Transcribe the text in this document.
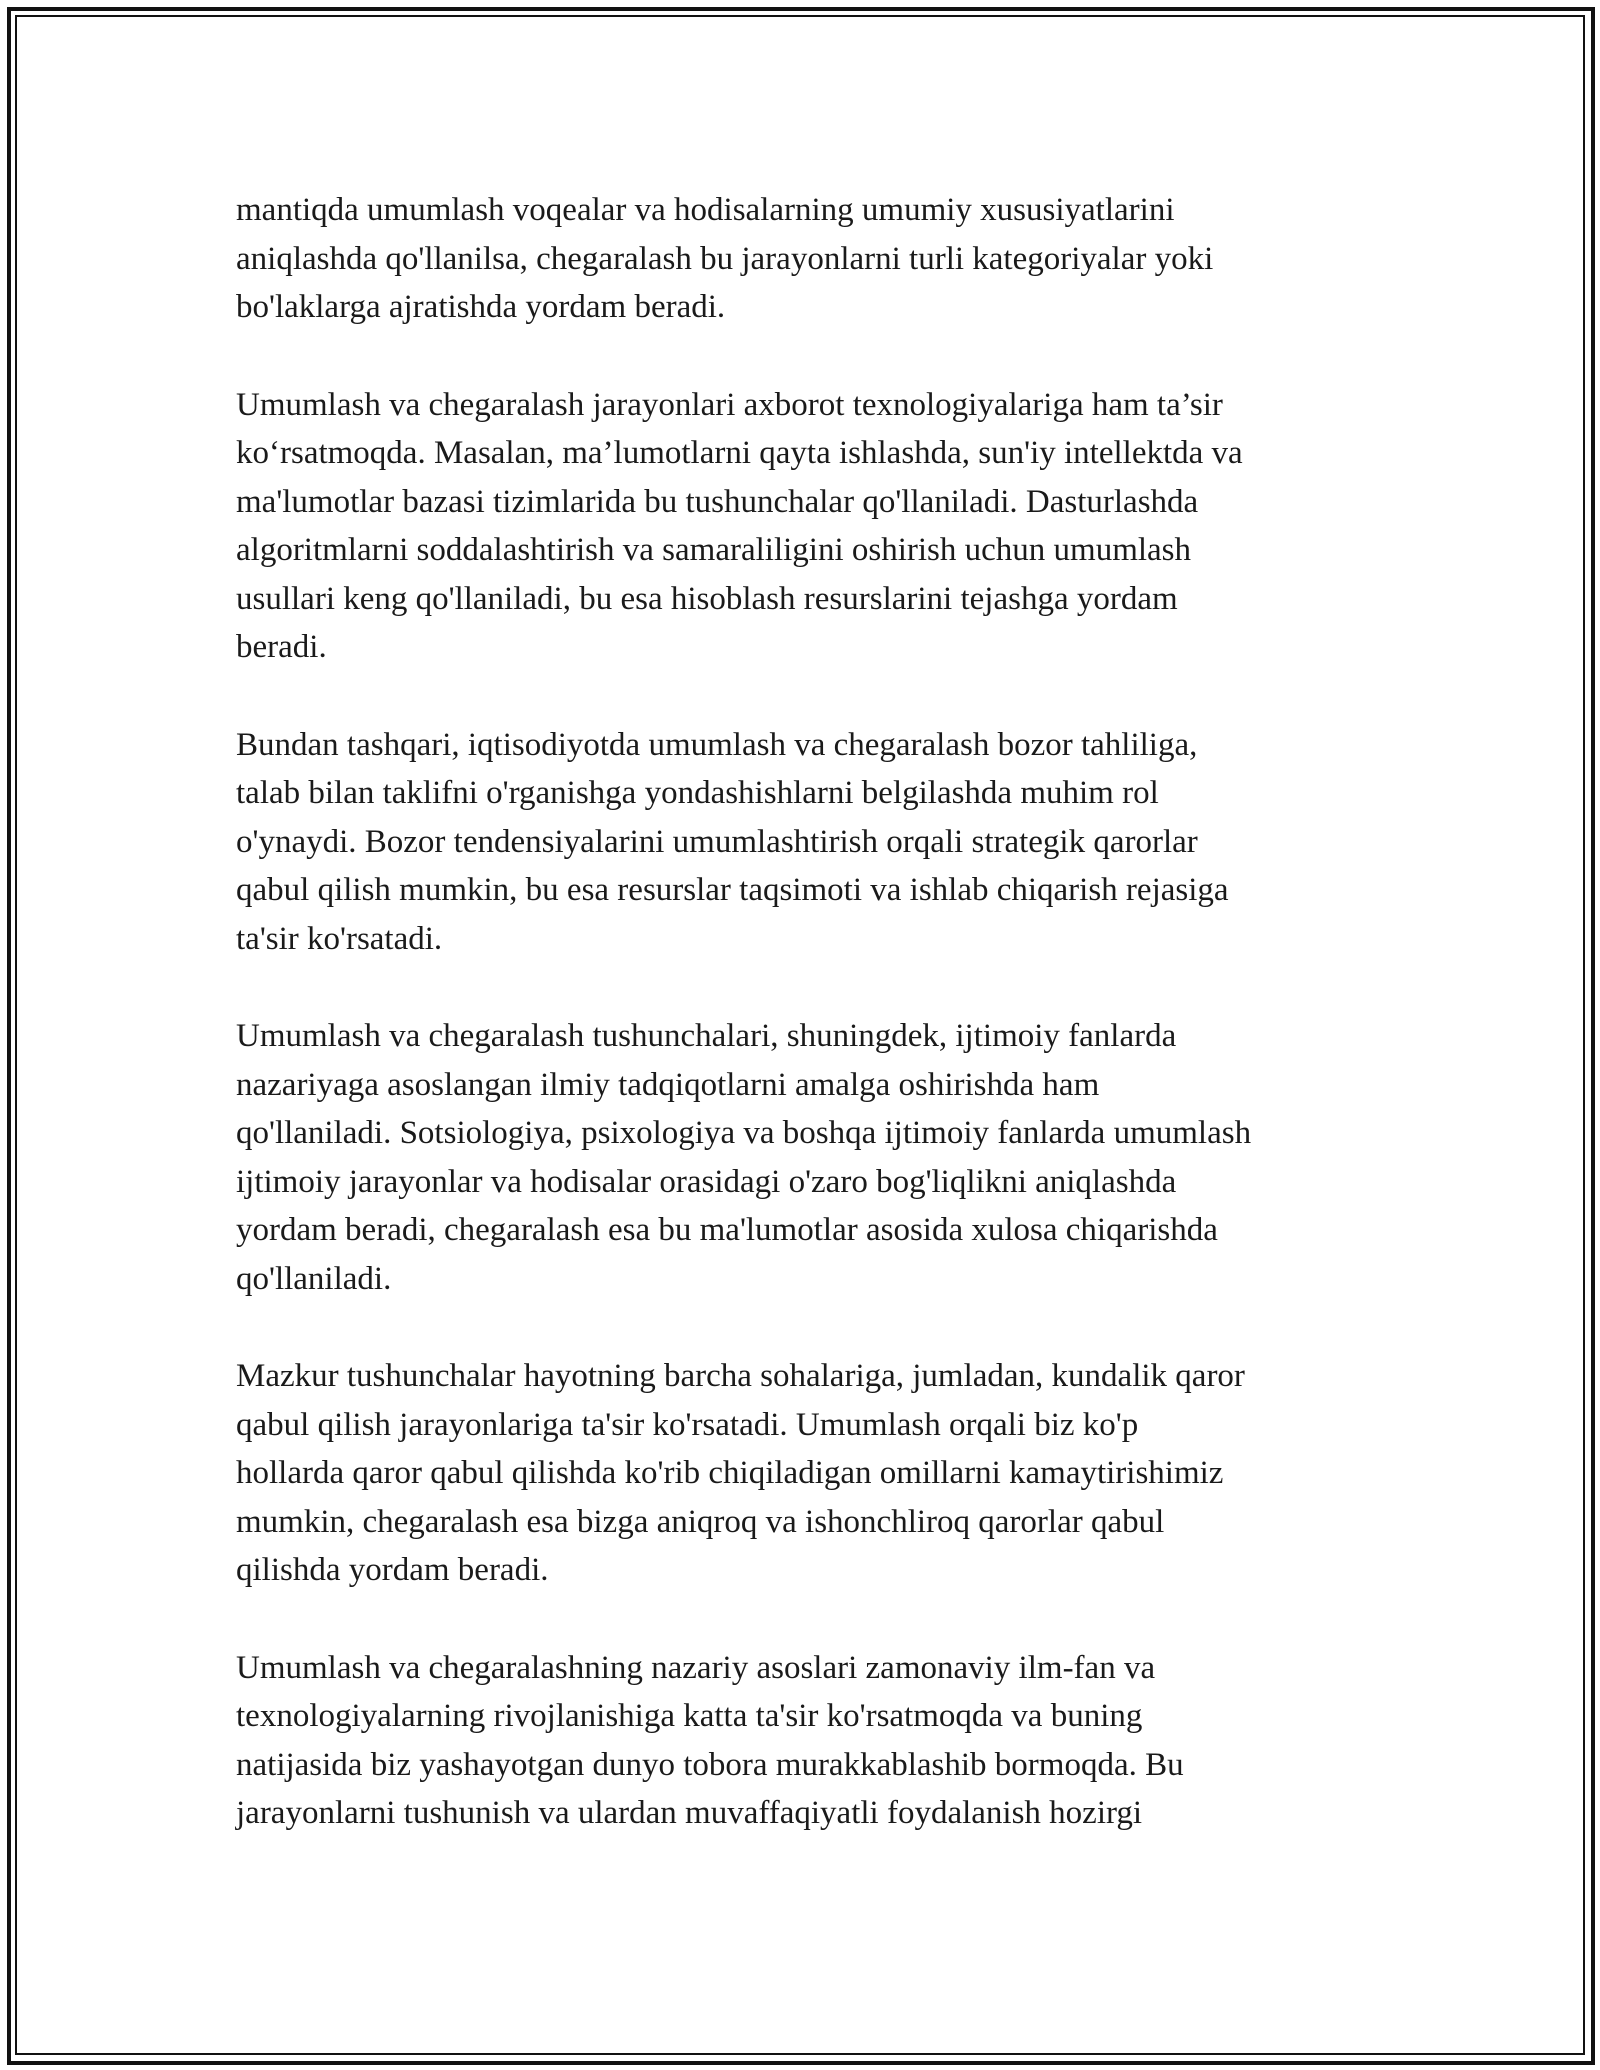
mantiqda umumlash voqealar va hodisalarning umumiy xususiyatlarini
aniqlashda qo'llanilsa, chegaralash bu jarayonlarni turli kategoriyalar yoki
bo'laklarga ajratishda yordam beradi.

Umumlash va chegaralash jarayonlari axborot texnologiyalariga ham ta’sir
ko‘rsatmoqda. Masalan, ma’lumotlarni qayta ishlashda, sun'iy intellektda va
ma'lumotlar bazasi tizimlarida bu tushunchalar qo'llaniladi. Dasturlashda
algoritmlarni soddalashtirish va samaraliligini oshirish uchun umumlash
usullari keng qo'llaniladi, bu esa hisoblash resurslarini tejashga yordam
beradi.

Bundan tashqari, iqtisodiyotda umumlash va chegaralash bozor tahliliga,
talab bilan taklifni o'rganishga yondashishlarni belgilashda muhim rol
o'ynaydi. Bozor tendensiyalarini umumlashtirish orqali strategik qarorlar
qabul qilish mumkin, bu esa resurslar taqsimoti va ishlab chiqarish rejasiga
ta'sir ko'rsatadi.

Umumlash va chegaralash tushunchalari, shuningdek, ijtimoiy fanlarda
nazariyaga asoslangan ilmiy tadqiqotlarni amalga oshirishda ham
qo'llaniladi. Sotsiologiya, psixologiya va boshqa ijtimoiy fanlarda umumlash
ijtimoiy jarayonlar va hodisalar orasidagi o'zaro bog'liqlikni aniqlashda
yordam beradi, chegaralash esa bu ma'lumotlar asosida xulosa chiqarishda
qo'llaniladi.

Mazkur tushunchalar hayotning barcha sohalariga, jumladan, kundalik qaror
qabul qilish jarayonlariga ta'sir ko'rsatadi. Umumlash orqali biz ko'p
hollarda qaror qabul qilishda ko'rib chiqiladigan omillarni kamaytirishimiz
mumkin, chegaralash esa bizga aniqroq va ishonchliroq qarorlar qabul
qilishda yordam beradi.

Umumlash va chegaralashning nazariy asoslari zamonaviy ilm-fan va
texnologiyalarning rivojlanishiga katta ta'sir ko'rsatmoqda va buning
natijasida biz yashayotgan dunyo tobora murakkablashib bormoqda. Bu
jarayonlarni tushunish va ulardan muvaffaqiyatli foydalanish hozirgi
